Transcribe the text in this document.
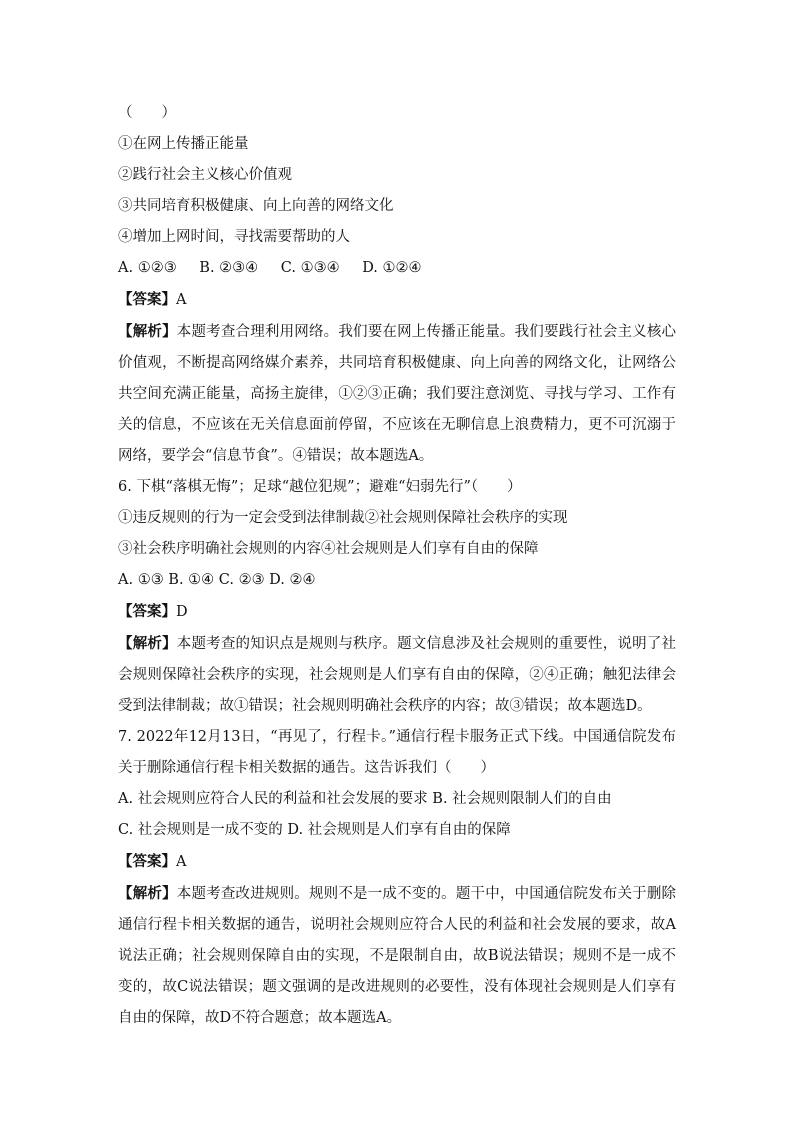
（　　）
①在网上传播正能量
②践行社会主义核心价值观
③共同培育积极健康、向上向善的网络文化
④增加上网时间，寻找需要帮助的人
A. ①②③ B. ②③④ C. ①③④ D. ①②④
【答案】A
【解析】本题考查合理利用网络。我们要在网上传播正能量。我们要践行社会主义核心价值观，不断提高网络媒介素养，共同培育积极健康、向上向善的网络文化，让网络公共空间充满正能量，高扬主旋律，①②③正确；我们要注意浏览、寻找与学习、工作有关的信息，不应该在无关信息面前停留，不应该在无聊信息上浪费精力，更不可沉溺于网络，要学会“信息节食”。④错误；故本题选A。
6. 下棋“落棋无悔”；足球“越位犯规”；避难“妇弱先行”（　　）
①违反规则的行为一定会受到法律制裁②社会规则保障社会秩序的实现
③社会秩序明确社会规则的内容④社会规则是人们享有自由的保障
A. ①③ B. ①④ C. ②③ D. ②④
【答案】D
【解析】本题考查的知识点是规则与秩序。题文信息涉及社会规则的重要性，说明了社会规则保障社会秩序的实现，社会规则是人们享有自由的保障，②④正确；触犯法律会受到法律制裁；故①错误；社会规则明确社会秩序的内容；故③错误；故本题选D。
7. 2022年12月13日，“再见了，行程卡。”通信行程卡服务正式下线。中国通信院发布关于删除通信行程卡相关数据的通告。这告诉我们（　　）
A. 社会规则应符合人民的利益和社会发展的要求 B. 社会规则限制人们的自由
C. 社会规则是一成不变的 D. 社会规则是人们享有自由的保障
【答案】A
【解析】本题考查改进规则。规则不是一成不变的。题干中，中国通信院发布关于删除通信行程卡相关数据的通告，说明社会规则应符合人民的利益和社会发展的要求，故A说法正确；社会规则保障自由的实现，不是限制自由，故B说法错误；规则不是一成不变的，故C说法错误；题文强调的是改进规则的必要性，没有体现社会规则是人们享有自由的保障，故D不符合题意；故本题选A。
